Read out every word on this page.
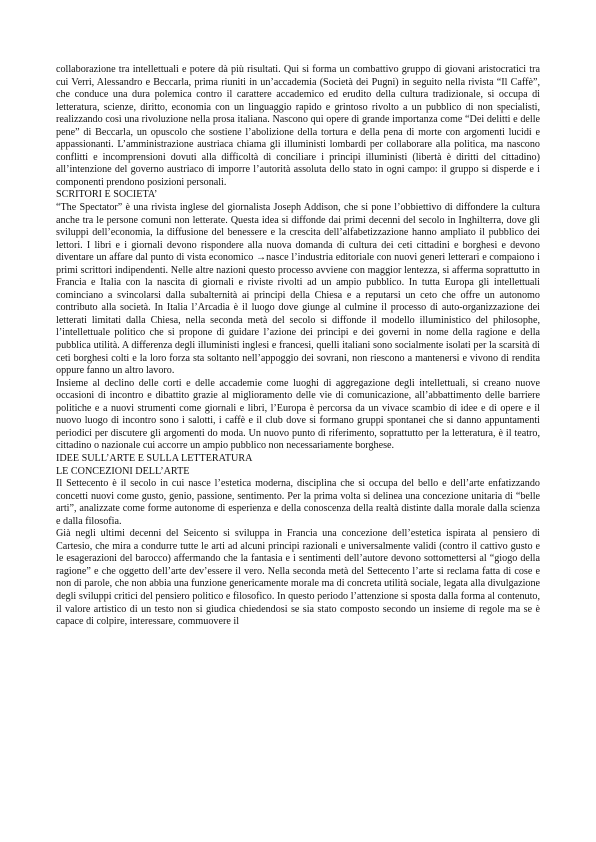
collaborazione tra intellettuali e potere dà più risultati. Qui si forma un combattivo gruppo di giovani aristocratici tra cui Verri, Alessandro e Beccarla, prima riuniti in un’accademia (Società dei Pugni) in seguito nella rivista “Il Caffè”, che conduce una dura polemica contro il carattere accademico ed erudito della cultura tradizionale, si occupa di letteratura, scienze, diritto, economia con un linguaggio rapido e grintoso rivolto a un pubblico di non specialisti, realizzando così una rivoluzione nella prosa italiana. Nascono qui opere di grande importanza come “Dei delitti e delle pene” di Beccarla, un opuscolo che sostiene l’abolizione della tortura e della pena di morte con argomenti lucidi e appassionanti. L’amministrazione austriaca chiama gli illuministi lombardi per collaborare alla politica, ma nascono conflitti e incomprensioni dovuti alla difficoltà di conciliare i principi illuministi (libertà è diritti del cittadino) all’intenzione del governo austriaco di imporre l’autorità assoluta dello stato in ogni campo: il gruppo si disperde e i componenti prendono posizioni personali.

SCRITORI E SOCIETA’

“The Spectator” è una rivista inglese del giornalista Joseph Addison, che si pone l’obbiettivo di diffondere la cultura anche tra le persone comuni non letterate. Questa idea si diffonde dai primi decenni del secolo in Inghilterra, dove gli sviluppi dell’economia, la diffusione del benessere e la crescita dell’alfabetizzazione hanno ampliato il pubblico dei lettori. I libri e i giornali devono rispondere alla nuova domanda di cultura dei ceti cittadini e borghesi e devono diventare un affare dal punto di vista economico →nasce l’industria editoriale con nuovi generi letterari e compaiono i primi scrittori indipendenti. Nelle altre nazioni questo processo avviene con maggior lentezza, si afferma soprattutto in Francia e Italia con la nascita di giornali e riviste rivolti ad un ampio pubblico. In tutta Europa gli intellettuali cominciano a svincolarsi dalla subalternità ai principi della Chiesa e a reputarsi un ceto che offre un autonomo contributo alla società. In Italia l’Arcadia è il luogo dove giunge al culmine il processo di auto-organizzazione dei letterati limitati dalla Chiesa, nella seconda metà del secolo si diffonde il modello illuministico del philosophe, l’intellettuale politico che si propone di guidare l’azione dei principi e dei governi in nome della ragione e della pubblica utilità. A differenza degli illuministi inglesi e francesi, quelli italiani sono socialmente isolati per la scarsità di ceti borghesi colti e la loro forza sta soltanto nell’appoggio dei sovrani, non riescono a mantenersi e vivono di rendita oppure fanno un altro lavoro.

Insieme al declino delle corti e delle accademie come luoghi di aggregazione degli intellettuali, si creano nuove occasioni di incontro e dibattito grazie al miglioramento delle vie di comunicazione, all’abbattimento delle barriere politiche e a nuovi strumenti come giornali e libri, l’Europa è percorsa da un vivace scambio di idee e di opere e il nuovo luogo di incontro sono i salotti, i caffè e il club dove si formano gruppi spontanei che si danno appuntamenti periodici per discutere gli argomenti do moda. Un nuovo punto di riferimento, soprattutto per la letteratura, è il teatro, cittadino o nazionale cui accorre un ampio pubblico non necessariamente borghese.

IDEE SULL’ARTE E SULLA LETTERATURA
LE CONCEZIONI DELL’ARTE

Il Settecento è il secolo in cui nasce l’estetica moderna, disciplina che si occupa del bello e dell’arte enfatizzando concetti nuovi come gusto, genio, passione, sentimento. Per la prima volta si delinea una concezione unitaria di “belle arti”, analizzate come forme autonome di esperienza e della conoscenza della realtà distinte dalla morale dalla scienza e dalla filosofia.

Già negli ultimi decenni del Seicento si sviluppa in Francia una concezione dell’estetica ispirata al pensiero di Cartesio, che mira a condurre tutte le arti ad alcuni principi razionali e universalmente validi (contro il cattivo gusto e le esagerazioni del barocco) affermando che la fantasia e i sentimenti dell’autore devono sottomettersi al “giogo della ragione” e che oggetto dell’arte dev’essere il vero. Nella seconda metà del Settecento l’arte si reclama fatta di cose e non di parole, che non abbia una funzione genericamente morale ma di concreta utilità sociale, legata alla divulgazione degli sviluppi critici del pensiero politico e filosofico. In questo periodo l’attenzione si sposta dalla forma al contenuto, il valore artistico di un testo non si giudica chiedendosi se sia stato composto secondo un insieme di regole ma se è capace di colpire, interessare, commuovere il
